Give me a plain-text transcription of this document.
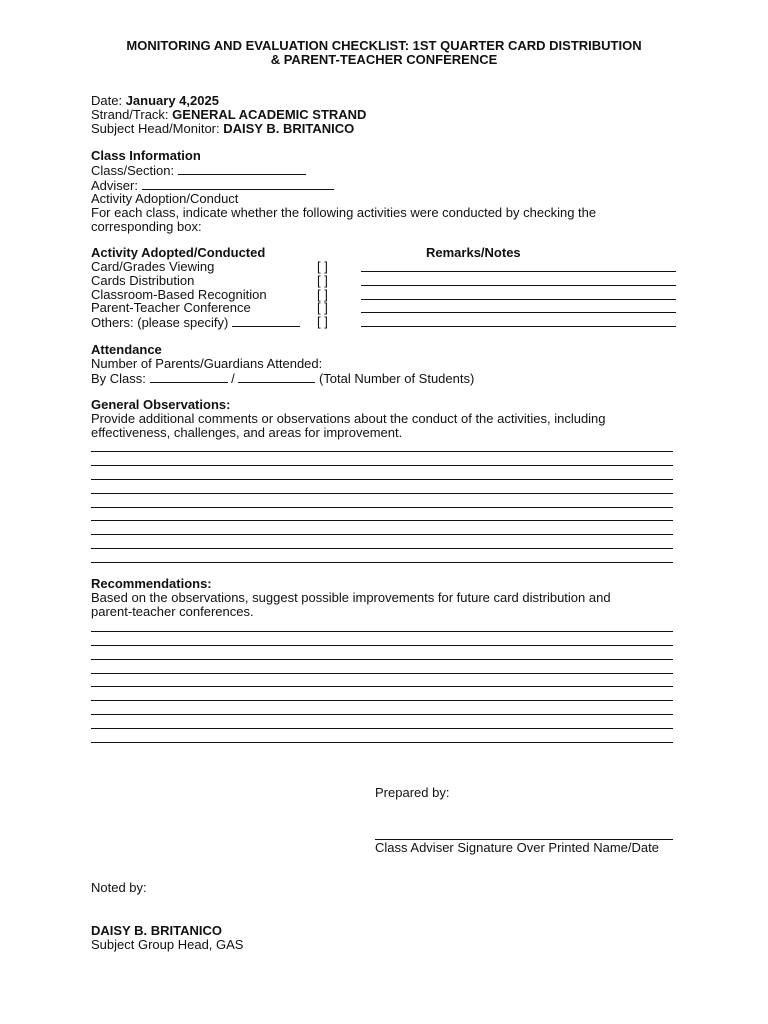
MONITORING AND EVALUATION CHECKLIST: 1ST QUARTER CARD DISTRIBUTION
& PARENT-TEACHER CONFERENCE
Date: January 4,2025
Strand/Track: GENERAL ACADEMIC STRAND
Subject Head/Monitor: DAISY B. BRITANICO
Class Information
Class/Section:
Adviser:
Activity Adoption/Conduct
For each class, indicate whether the following activities were conducted by checking the
corresponding box:
Activity Adopted/Conducted	Remarks/Notes
Card/Grades Viewing	[ ]
Cards Distribution	[ ]
Classroom-Based Recognition	[ ]
Parent-Teacher Conference	[ ]
Others: (please specify)	[ ]
Attendance
Number of Parents/Guardians Attended:
By Class:	/	(Total Number of Students)
General Observations:
Provide additional comments or observations about the conduct of the activities, including
effectiveness, challenges, and areas for improvement.
Recommendations:
Based on the observations, suggest possible improvements for future card distribution and
parent-teacher conferences.
Prepared by:
Class Adviser Signature Over Printed Name/Date
Noted by:
DAISY B. BRITANICO
Subject Group Head, GAS
